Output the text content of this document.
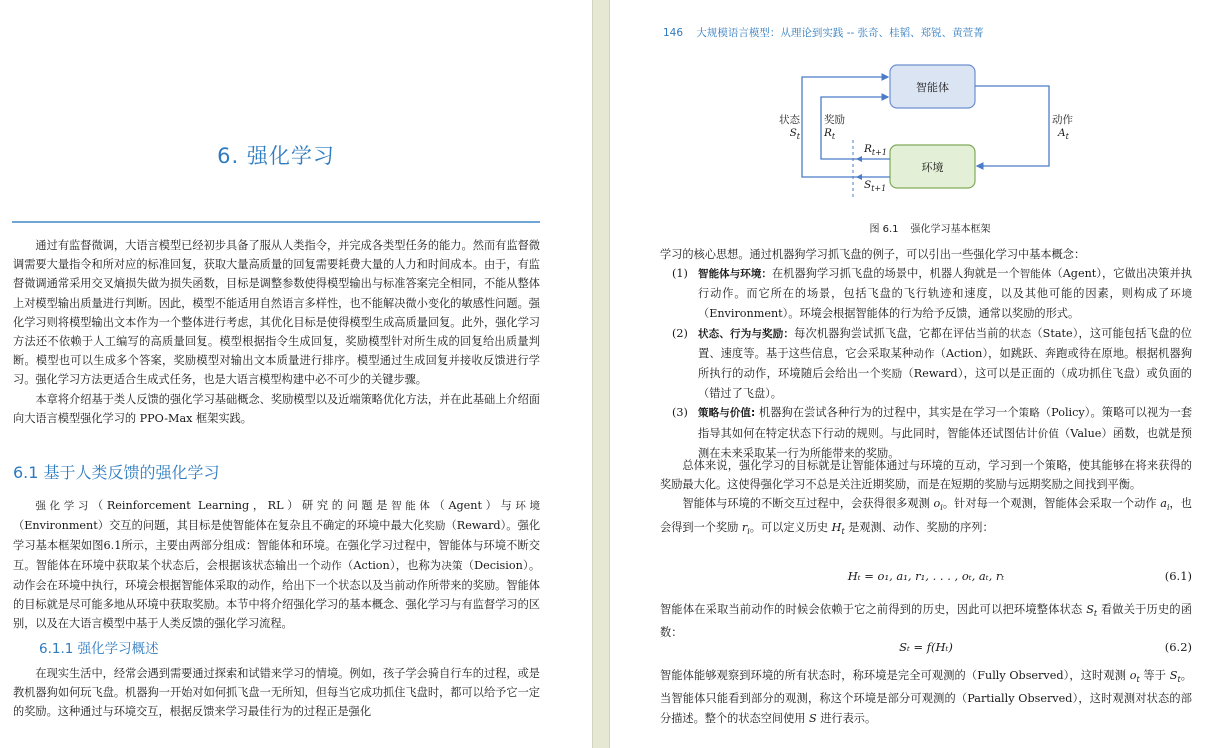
6. 强化学习

通过有监督微调，大语言模型已经初步具备了服从人类指令，并完成各类型任务的能力。然而有监督微调需要大量指令和所对应的标准回复，获取大量高质量的回复需要耗费大量的人力和时间成本。由于，有监督微调通常采用交叉熵损失做为损失函数，目标是调整参数使得模型输出与标准答案完全相同，不能从整体上对模型输出质量进行判断。因此，模型不能适用自然语言多样性，也不能解决微小变化的敏感性问题。强化学习则将模型输出文本作为一个整体进行考虑，其优化目标是使得模型生成高质量回复。此外，强化学习方法还不依赖于人工编写的高质量回复。模型根据指令生成回复，奖励模型针对所生成的回复给出质量判断。模型也可以生成多个答案，奖励模型对输出文本质量进行排序。模型通过生成回复并接收反馈进行学习。强化学习方法更适合生成式任务，也是大语言模型构建中必不可少的关键步骤。

本章将介绍基于类人反馈的强化学习基础概念、奖励模型以及近端策略优化方法，并在此基础上介绍面向大语言模型强化学习的 PPO-Max 框架实践。

6.1 基于人类反馈的强化学习

强化学习（Reinforcement Learning，RL）研究的问题是智能体（Agent）与环境（Environment）交互的问题，其目标是使智能体在复杂且不确定的环境中最大化奖励（Reward）。强化学习基本框架如图6.1所示，主要由两部分组成：智能体和环境。在强化学习过程中，智能体与环境不断交互。智能体在环境中获取某个状态后，会根据该状态输出一个动作（Action），也称为决策（Decision）。动作会在环境中执行，环境会根据智能体采取的动作，给出下一个状态以及当前动作所带来的奖励。智能体的目标就是尽可能多地从环境中获取奖励。本节中将介绍强化学习的基本概念、强化学习与有监督学习的区别，以及在大语言模型中基于人类反馈的强化学习流程。

6.1.1 强化学习概述

在现实生活中，经常会遇到需要通过探索和试错来学习的情境。例如，孩子学会骑自行车的过程，或是教机器狗如何玩飞盘。机器狗一开始对如何抓飞盘一无所知，但每当它成功抓住飞盘时，都可以给予它一定的奖励。这种通过与环境交互，根据反馈来学习最佳行为的过程正是强化

146 大规模语言模型：从理论到实践 -- 张奇、桂韬、郑锐、黄萱菁
智能体
环境
状态
$S_t$
奖励
$R_t$
动作
$A_t$
$R_{t+1}$
$S_{t+1}$
图 6.1 强化学习基本框架

学习的核心思想。通过机器狗学习抓飞盘的例子，可以引出一些强化学习中基本概念：

(1) 智能体与环境：在机器狗学习抓飞盘的场景中，机器人狗就是一个智能体（Agent），它做出决策并执行动作。而它所在的场景，包括飞盘的飞行轨迹和速度，以及其他可能的因素，则构成了环境（Environment）。环境会根据智能体的行为给予反馈，通常以奖励的形式。
(2) 状态、行为与奖励：每次机器狗尝试抓飞盘，它都在评估当前的状态（State），这可能包括飞盘的位置、速度等。基于这些信息，它会采取某种动作（Action），如跳跃、奔跑或待在原地。根据机器狗所执行的动作，环境随后会给出一个奖励（Reward），这可以是正面的（成功抓住飞盘）或负面的（错过了飞盘）。
(3) 策略与价值: 机器狗在尝试各种行为的过程中，其实是在学习一个策略（Policy）。策略可以视为一套指导其如何在特定状态下行动的规则。与此同时，智能体还试图估计价值（Value）函数，也就是预测在未来采取某一行为所能带来的奖励。

总体来说，强化学习的目标就是让智能体通过与环境的互动，学习到一个策略，使其能够在将来获得的奖励最大化。这使得强化学习不总是关注近期奖励，而是在短期的奖励与远期奖励之间找到平衡。

智能体与环境的不断交互过程中，会获得很多观测 $o_i$。针对每一个观测，智能体会采取一个动作 $a_i$，也会得到一个奖励 $r_i$。可以定义历史 $H_t$ 是观测、动作、奖励的序列：

Hₜ = o₁, a₁, r₁, . . . , oₜ, aₜ, rₜ	(6.1)

智能体在采取当前动作的时候会依赖于它之前得到的历史，因此可以把环境整体状态 $S_t$ 看做关于历史的函数：

Sₜ = f(Hₜ)	(6.2)

智能体能够观察到环境的所有状态时，称环境是完全可观测的（Fully Observed），这时观测 $o_t$ 等于 $S_t$。当智能体只能看到部分的观测，称这个环境是部分可观测的（Partially Observed），这时观测对状态的部分描述。整个的状态空间使用 S 进行表示。
